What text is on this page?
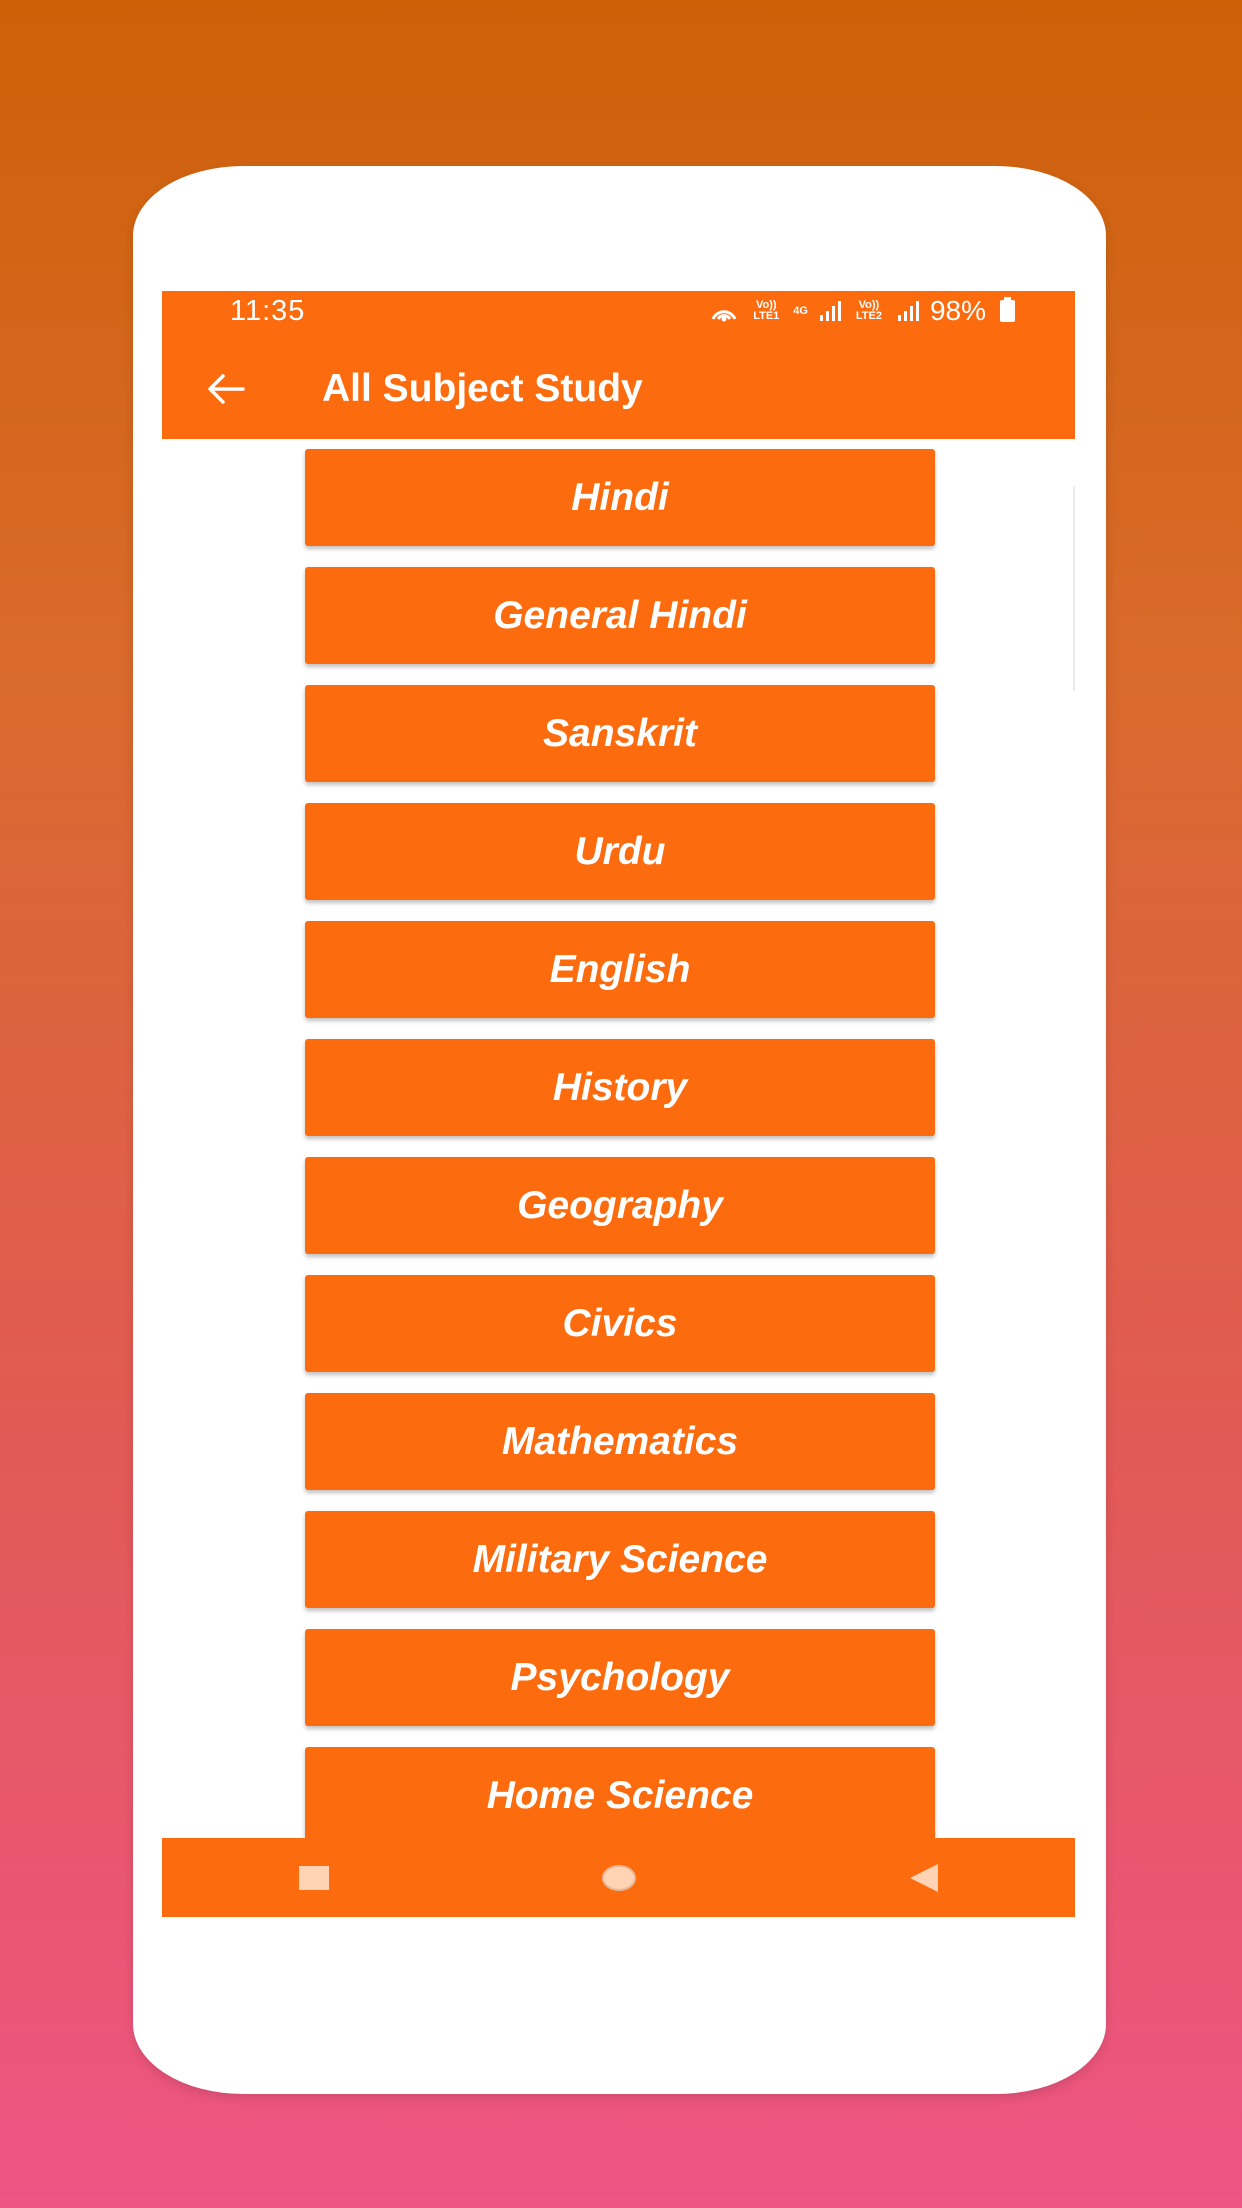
11:35	Vo)) LTE1	4G	Vo)) LTE2 98%
All Subject Study
Hindi
General Hindi
Sanskrit
Urdu
English
History
Geography
Civics
Mathematics
Military Science
Psychology
Home Science
